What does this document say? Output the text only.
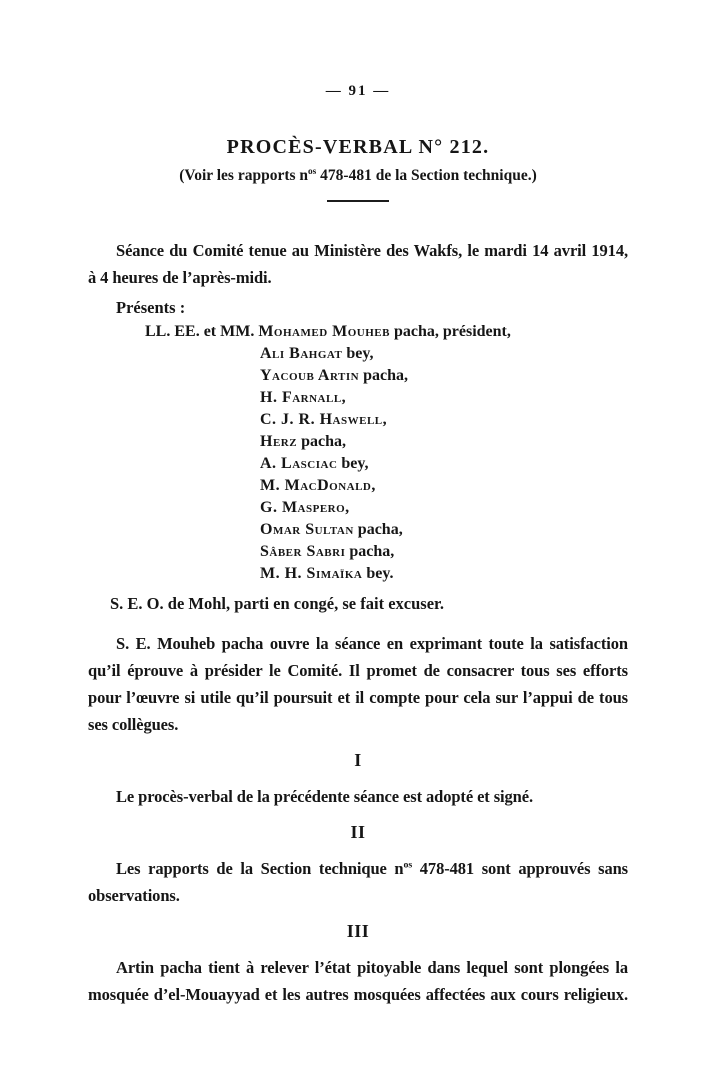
— 91 —
PROCÈS-VERBAL N° 212.
(Voir les rapports $n^{os}$ 478-481 de la Section technique.)
Séance du Comité tenue au Ministère des Wakfs, le mardi 14 avril 1914,
à 4 heures de l’après-midi.
Présents :
LL. EE. et MM. Mohamed Mouheb pacha, président,
Ali Bahgat bey,
Yacoub Artin pacha,
H. Farnall,
C. J. R. Haswell,
Herz pacha,
A. Lasciac bey,
M. MacDonald,
G. Maspero,
Omar Sultan pacha,
Sâber Sabri pacha,
M. H. Simaïka bey.
S. E. O. de Mohl, parti en congé, se fait excuser.
S. E. Mouheb pacha ouvre la séance en exprimant toute la satisfaction
qu’il éprouve à présider le Comité. Il promet de consacrer tous ses efforts
pour l’œuvre si utile qu’il poursuit et il compte pour cela sur l’appui de tous
ses collègues.
I
Le procès-verbal de la précédente séance est adopté et signé.
II
Les rapports de la Section technique $n^{os}$ 478-481 sont approuvés sans
observations.
III
Artin pacha tient à relever l’état pitoyable dans lequel sont plongées la
mosquée d’el-Mouayyad et les autres mosquées affectées aux cours religieux.
